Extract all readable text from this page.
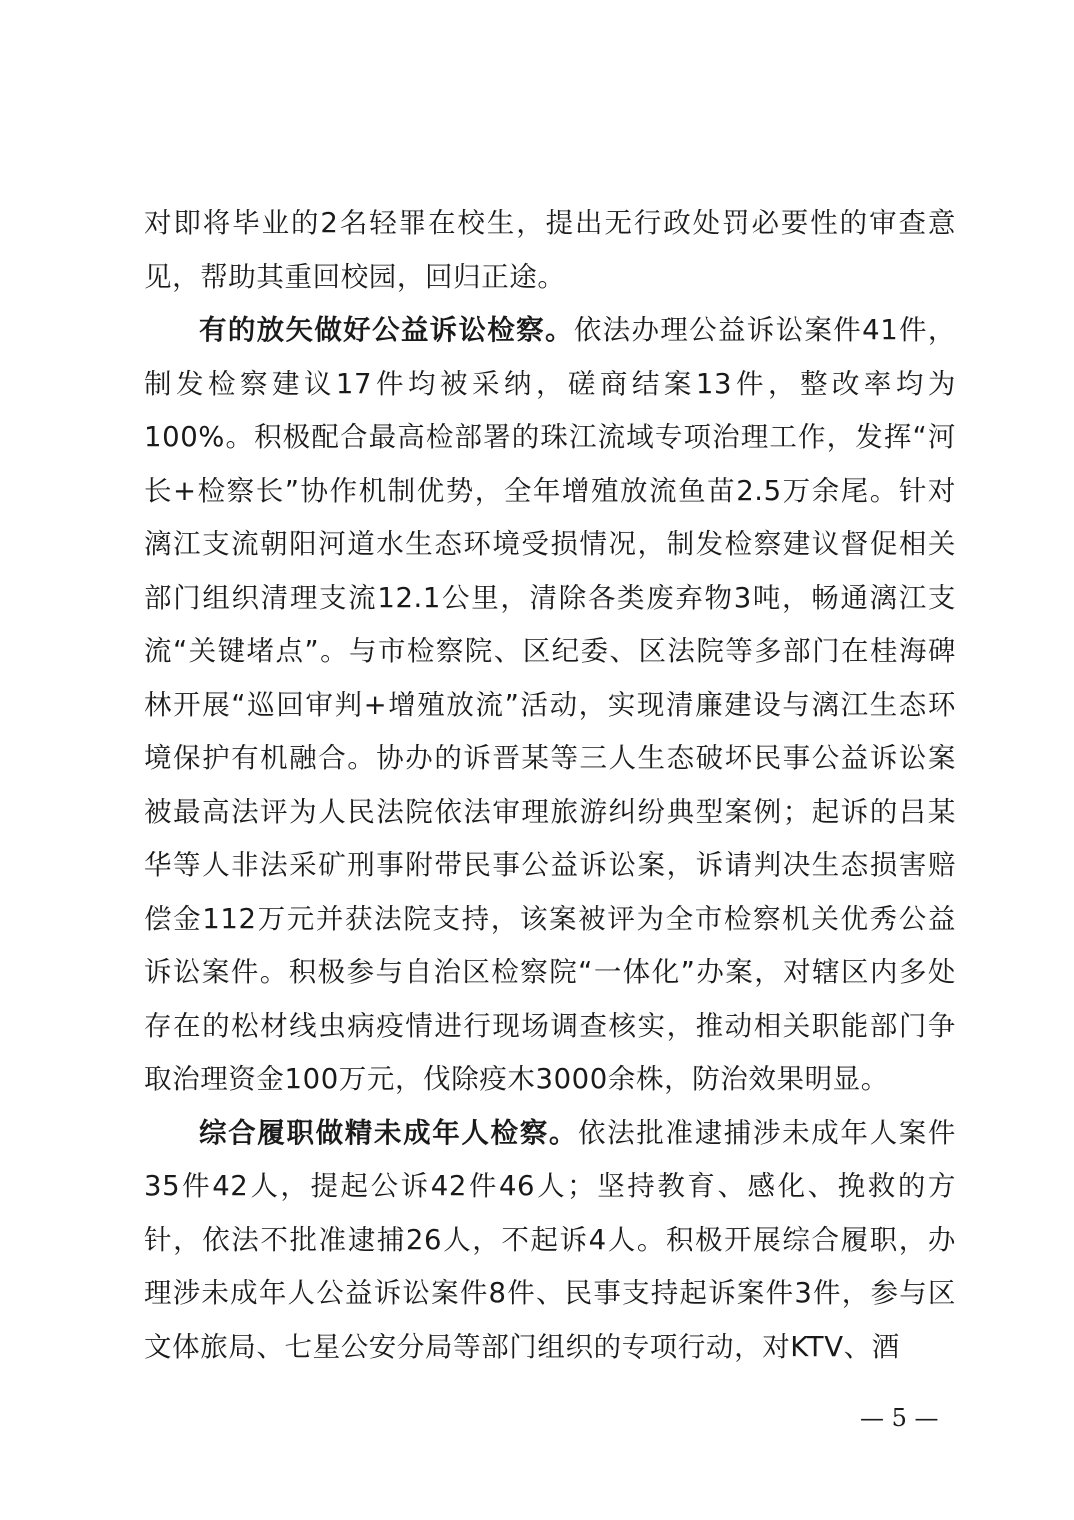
对即将毕业的2名轻罪在校生，提出无行政处罚必要性的审查意见，帮助其重回校园，回归正途。

有的放矢做好公益诉讼检察。依法办理公益诉讼案件41件，制发检察建议17件均被采纳，磋商结案13件，整改率均为100%。积极配合最高检部署的珠江流域专项治理工作，发挥“河长+检察长”协作机制优势，全年增殖放流鱼苗2.5万余尾。针对漓江支流朝阳河道水生态环境受损情况，制发检察建议督促相关部门组织清理支流12.1公里，清除各类废弃物3吨，畅通漓江支流“关键堵点”。与市检察院、区纪委、区法院等多部门在桂海碑林开展“巡回审判+增殖放流”活动，实现清廉建设与漓江生态环境保护有机融合。协办的诉晋某等三人生态破坏民事公益诉讼案被最高法评为人民法院依法审理旅游纠纷典型案例；起诉的吕某华等人非法采矿刑事附带民事公益诉讼案，诉请判决生态损害赔偿金112万元并获法院支持，该案被评为全市检察机关优秀公益诉讼案件。积极参与自治区检察院“一体化”办案，对辖区内多处存在的松材线虫病疫情进行现场调查核实，推动相关职能部门争取治理资金100万元，伐除疫木3000余株，防治效果明显。

综合履职做精未成年人检察。依法批准逮捕涉未成年人案件35件42人，提起公诉42件46人；坚持教育、感化、挽救的方针，依法不批准逮捕26人，不起诉4人。积极开展综合履职，办理涉未成年人公益诉讼案件8件、民事支持起诉案件3件，参与区文体旅局、七星公安分局等部门组织的专项行动，对KTV、酒

— 5 —
